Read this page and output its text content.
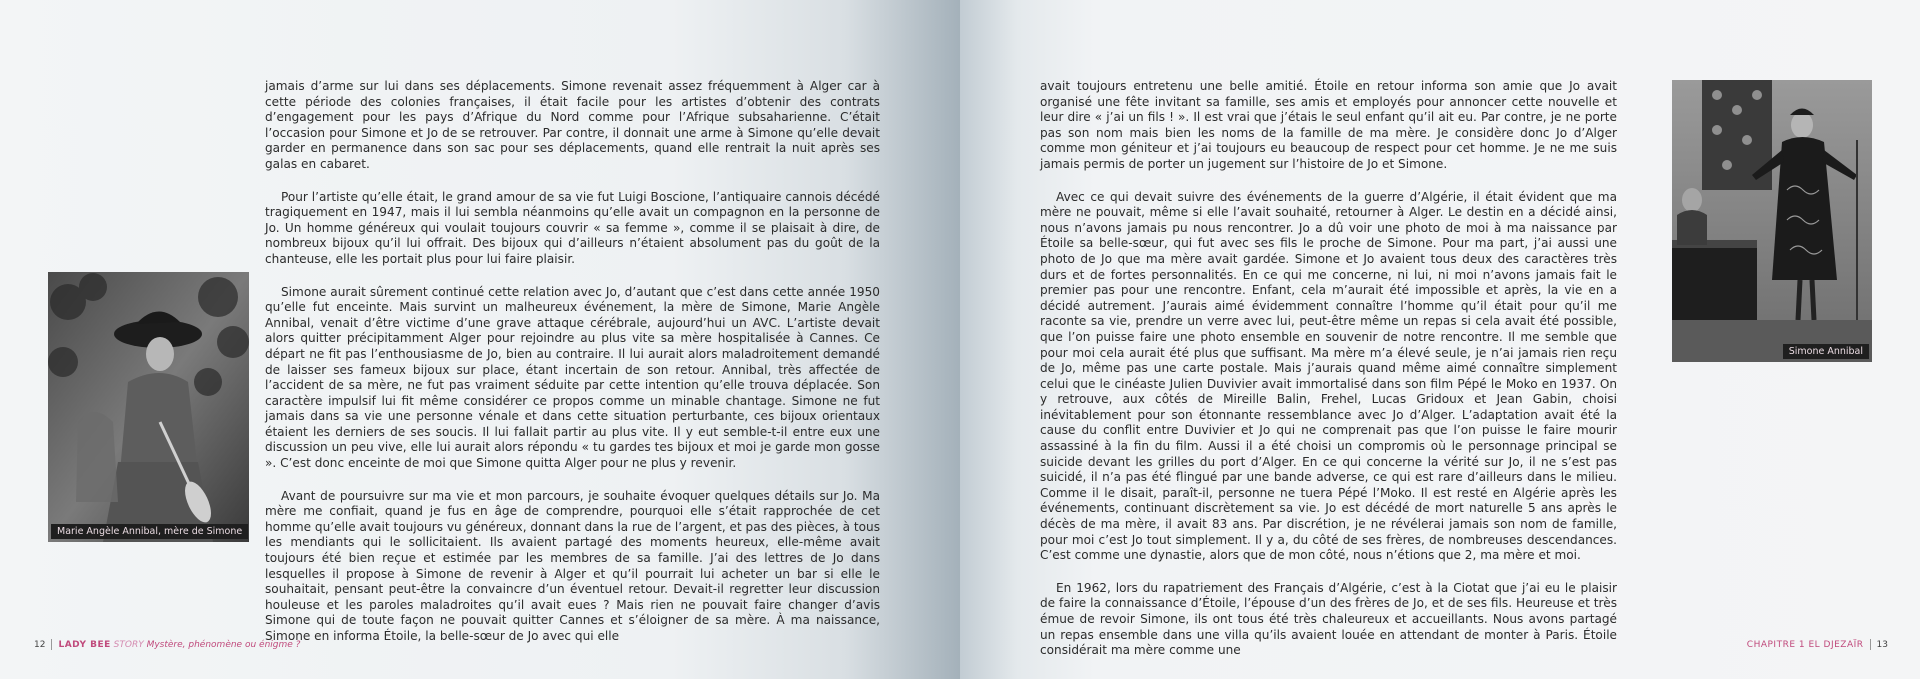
jamais d’arme sur lui dans ses déplacements. Simone revenait assez fréquemment à Alger car à cette période des colonies françaises, il était facile pour les artistes d’obtenir des contrats d’engagement pour les pays d’Afrique du Nord comme pour l’Afrique subsaharienne. C’était l’occasion pour Simone et Jo de se retrouver. Par contre, il donnait une arme à Simone qu’elle devait garder en permanence dans son sac pour ses déplacements, quand elle rentrait la nuit après ses galas en cabaret.

Pour l’artiste qu’elle était, le grand amour de sa vie fut Luigi Boscione, l’antiquaire cannois décédé tragiquement en 1947, mais il lui sembla néanmoins qu’elle avait un compagnon en la personne de Jo. Un homme généreux qui voulait toujours couvrir « sa femme », comme il se plaisait à dire, de nombreux bijoux qu’il lui offrait. Des bijoux qui d’ailleurs n’étaient absolument pas du goût de la chanteuse, elle les portait plus pour lui faire plaisir.

Simone aurait sûrement continué cette relation avec Jo, d’autant que c’est dans cette année 1950 qu’elle fut enceinte. Mais survint un malheureux événement, la mère de Simone, Marie Angèle Annibal, venait d’être victime d’une grave attaque cérébrale, aujourd’hui un AVC. L’artiste devait alors quitter précipitamment Alger pour rejoindre au plus vite sa mère hospitalisée à Cannes. Ce départ ne fit pas l’enthousiasme de Jo, bien au contraire. Il lui aurait alors maladroitement demandé de laisser ses fameux bijoux sur place, étant incertain de son retour. Annibal, très affectée de l’accident de sa mère, ne fut pas vraiment séduite par cette intention qu’elle trouva déplacée. Son caractère impulsif lui fit même considérer ce propos comme un minable chantage. Simone ne fut jamais dans sa vie une personne vénale et dans cette situation perturbante, ces bijoux orientaux étaient les derniers de ses soucis. Il lui fallait partir au plus vite. Il y eut semble-t-il entre eux une discussion un peu vive, elle lui aurait alors répondu « tu gardes tes bijoux et moi je garde mon gosse ». C’est donc enceinte de moi que Simone quitta Alger pour ne plus y revenir.

Avant de poursuivre sur ma vie et mon parcours, je souhaite évoquer quelques détails sur Jo. Ma mère me confiait, quand je fus en âge de comprendre, pourquoi elle s’était rapprochée de cet homme qu’elle avait toujours vu généreux, donnant dans la rue de l’argent, et pas des pièces, à tous les mendiants qui le sollicitaient. Ils avaient partagé des moments heureux, elle-même avait toujours été bien reçue et estimée par les membres de sa famille. J’ai des lettres de Jo dans lesquelles il propose à Simone de revenir à Alger et qu’il pourrait lui acheter un bar si elle le souhaitait, pensant peut-être la convaincre d’un éventuel retour. Devait-il regretter leur discussion houleuse et les paroles maladroites qu’il avait eues ? Mais rien ne pouvait faire changer d’avis Simone qui de toute façon ne pouvait quitter Cannes et s’éloigner de sa mère. À ma naissance, Simone en informa Étoile, la belle-sœur de Jo avec qui elle

Marie Angèle Annibal, mère de Simone
12 LADY BEE STORY Mystère, phénomène ou énigme ?

avait toujours entretenu une belle amitié. Étoile en retour informa son amie que Jo avait organisé une fête invitant sa famille, ses amis et employés pour annoncer cette nouvelle et leur dire « j’ai un fils ! ». Il est vrai que j’étais le seul enfant qu’il ait eu. Par contre, je ne porte pas son nom mais bien les noms de la famille de ma mère. Je considère donc Jo d’Alger comme mon géniteur et j’ai toujours eu beaucoup de respect pour cet homme. Je ne me suis jamais permis de porter un jugement sur l’histoire de Jo et Simone.

Avec ce qui devait suivre des événements de la guerre d’Algérie, il était évident que ma mère ne pouvait, même si elle l’avait souhaité, retourner à Alger. Le destin en a décidé ainsi, nous n’avons jamais pu nous rencontrer. Jo a dû voir une photo de moi à ma naissance par Étoile sa belle-sœur, qui fut avec ses fils le proche de Simone. Pour ma part, j’ai aussi une photo de Jo que ma mère avait gardée. Simone et Jo avaient tous deux des caractères très durs et de fortes personnalités. En ce qui me concerne, ni lui, ni moi n’avons jamais fait le premier pas pour une rencontre. Enfant, cela m’aurait été impossible et après, la vie en a décidé autrement. J’aurais aimé évidemment connaître l’homme qu’il était pour qu’il me raconte sa vie, prendre un verre avec lui, peut-être même un repas si cela avait été possible, que l’on puisse faire une photo ensemble en souvenir de notre rencontre. Il me semble que pour moi cela aurait été plus que suffisant. Ma mère m’a élevé seule, je n’ai jamais rien reçu de Jo, même pas une carte postale. Mais j’aurais quand même aimé connaître simplement celui que le cinéaste Julien Duvivier avait immortalisé dans son film Pépé le Moko en 1937. On y retrouve, aux côtés de Mireille Balin, Frehel, Lucas Gridoux et Jean Gabin, choisi inévitablement pour son étonnante ressemblance avec Jo d’Alger. L’adaptation avait été la cause du conflit entre Duvivier et Jo qui ne comprenait pas que l’on puisse le faire mourir assassiné à la fin du film. Aussi il a été choisi un compromis où le personnage principal se suicide devant les grilles du port d’Alger. En ce qui concerne la vérité sur Jo, il ne s’est pas suicidé, il n’a pas été flingué par une bande adverse, ce qui est rare d’ailleurs dans le milieu. Comme il le disait, paraît-il, personne ne tuera Pépé l’Moko. Il est resté en Algérie après les événements, continuant discrètement sa vie. Jo est décédé de mort naturelle 5 ans après le décès de ma mère, il avait 83 ans. Par discrétion, je ne révélerai jamais son nom de famille, pour moi c’est Jo tout simplement. Il y a, du côté de ses frères, de nombreuses descendances. C’est comme une dynastie, alors que de mon côté, nous n’étions que 2, ma mère et moi.

En 1962, lors du rapatriement des Français d’Algérie, c’est à la Ciotat que j’ai eu le plaisir de faire la connaissance d’Étoile, l’épouse d’un des frères de Jo, et de ses fils. Heureuse et très émue de revoir Simone, ils ont tous été très chaleureux et accueillants. Nous avons partagé un repas ensemble dans une villa qu’ils avaient louée en attendant de monter à Paris. Étoile considérait ma mère comme une

Simone Annibal
CHAPITRE 1 EL DJEZAÏR 13
